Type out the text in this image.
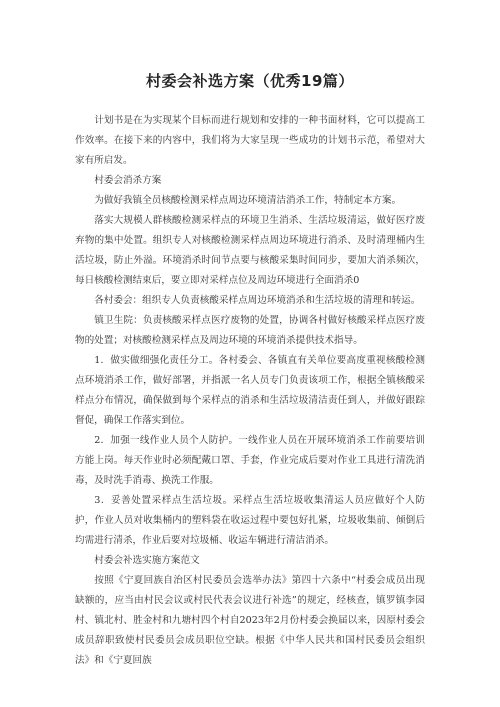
村委会补选方案（优秀19篇）

计划书是在为实现某个目标而进行规划和安排的一种书面材料，它可以提高工作效率。在接下来的内容中，我们将为大家呈现一些成功的计划书示范，希望对大家有所启发。

村委会消杀方案

为做好我镇全员核酸检测采样点周边环境清洁消杀工作，特制定本方案。

落实大规模人群核酸检测采样点的环境卫生消杀、生活垃圾清运，做好医疗废弃物的集中处置。组织专人对核酸检测采样点周边环境进行消杀、及时清理桶内生活垃圾，防止外溢。环境消杀时间节点要与核酸采集时间同步，要加大消杀频次，每日核酸检测结束后，要立即对采样点位及周边环境进行全面消杀0

各村委会：组织专人负责核酸采样点周边环境消杀和生活垃圾的清理和转运。

镇卫生院：负责核酸采样点医疗废物的处置，协调各村做好核酸采样点医疗废物的处置；对核酸检测采样点及周边环境的环境消杀提供技术指导。

1．做实做细强化责任分工。各村委会、各镇直有关单位要高度重视核酸检测点环境消杀工作，做好部署，并指派一名人员专门负责该项工作，根据全镇核酸采样点分布情况，确保做到每个采样点的消杀和生活垃圾清洁责任到人，并做好跟踪督促，确保工作落实到位。

2．加强一线作业人员个人防护。一线作业人员在开展环境消杀工作前要培训方能上岗。每天作业时必须配戴口罩、手套，作业完成后要对作业工具进行清洗消毒，及时洗手消毒、换洗工作服。

3．妥善处置采样点生活垃圾。采样点生活垃圾收集清运人员应做好个人防护，作业人员对收集桶内的塑料袋在收运过程中要包好扎紧，垃圾收集前、倾倒后均需进行清杀，作业后要对垃圾桶、收运车辆进行清洁消杀。

村委会补选实施方案范文

按照《宁夏回族自治区村民委员会选举办法》第四十六条中“村委会成员出现缺额的，应当由村民会议或村民代表会议进行补选”的规定，经核查，镇罗镇李园村、镇北村、胜金村和九塘村四个村自2023年2月份村委会换届以来，因原村委会成员辞职致使村民委员会成员职位空缺。根据《中华人民共和国村民委员会组织法》和《宁夏回族
